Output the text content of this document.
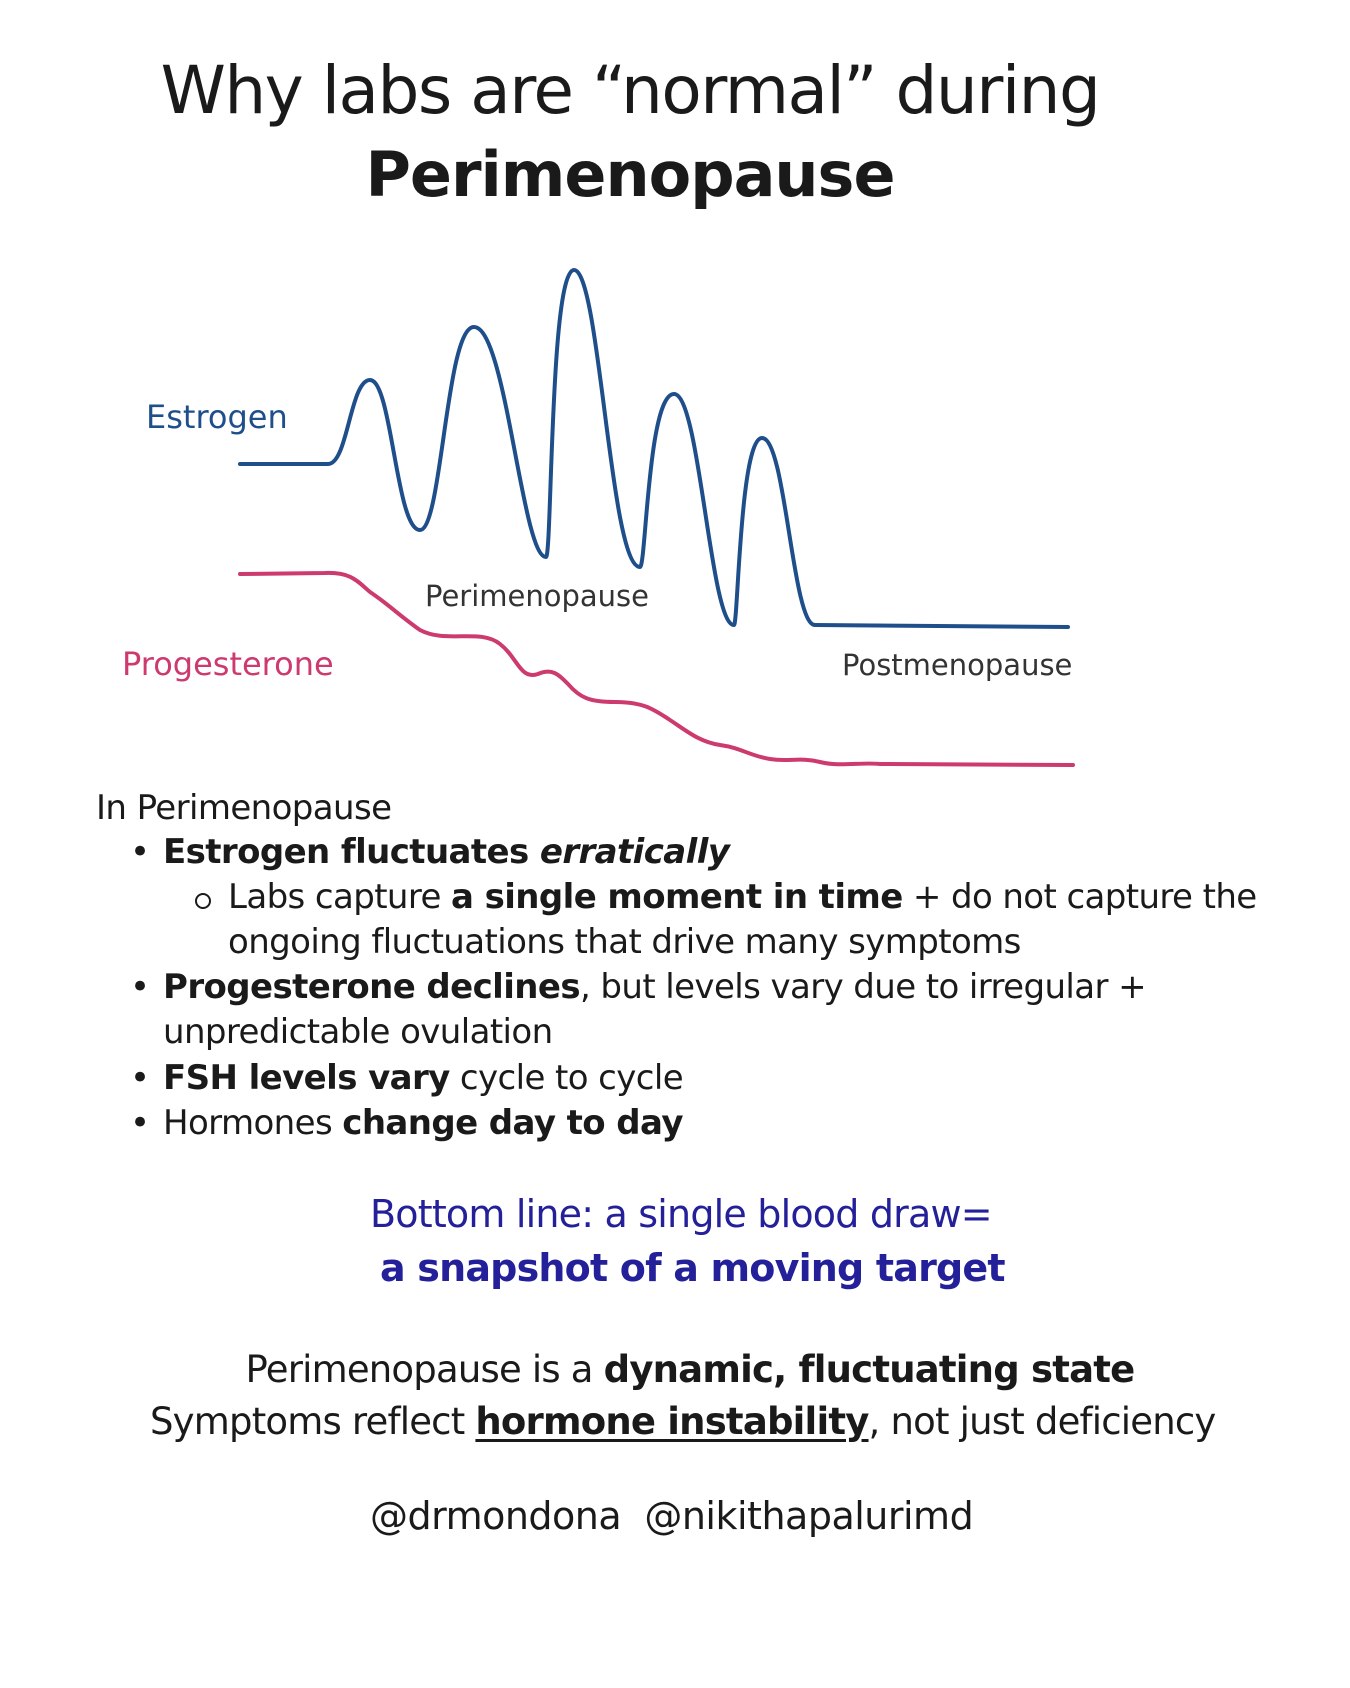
Why labs are “normal” during
Perimenopause
Estrogen
Progesterone
Perimenopause
Postmenopause
In Perimenopause
• Estrogen fluctuates erratically
Labs capture a single moment in time + do not capture the
ongoing fluctuations that drive many symptoms
• Progesterone declines, but levels vary due to irregular +
unpredictable ovulation
• FSH levels vary cycle to cycle
• Hormones change day to day
Bottom line: a single blood draw=
a snapshot of a moving target
Perimenopause is a dynamic, fluctuating state
Symptoms reflect hormone instability, not just deficiency
@drmondona @nikithapalurimd
